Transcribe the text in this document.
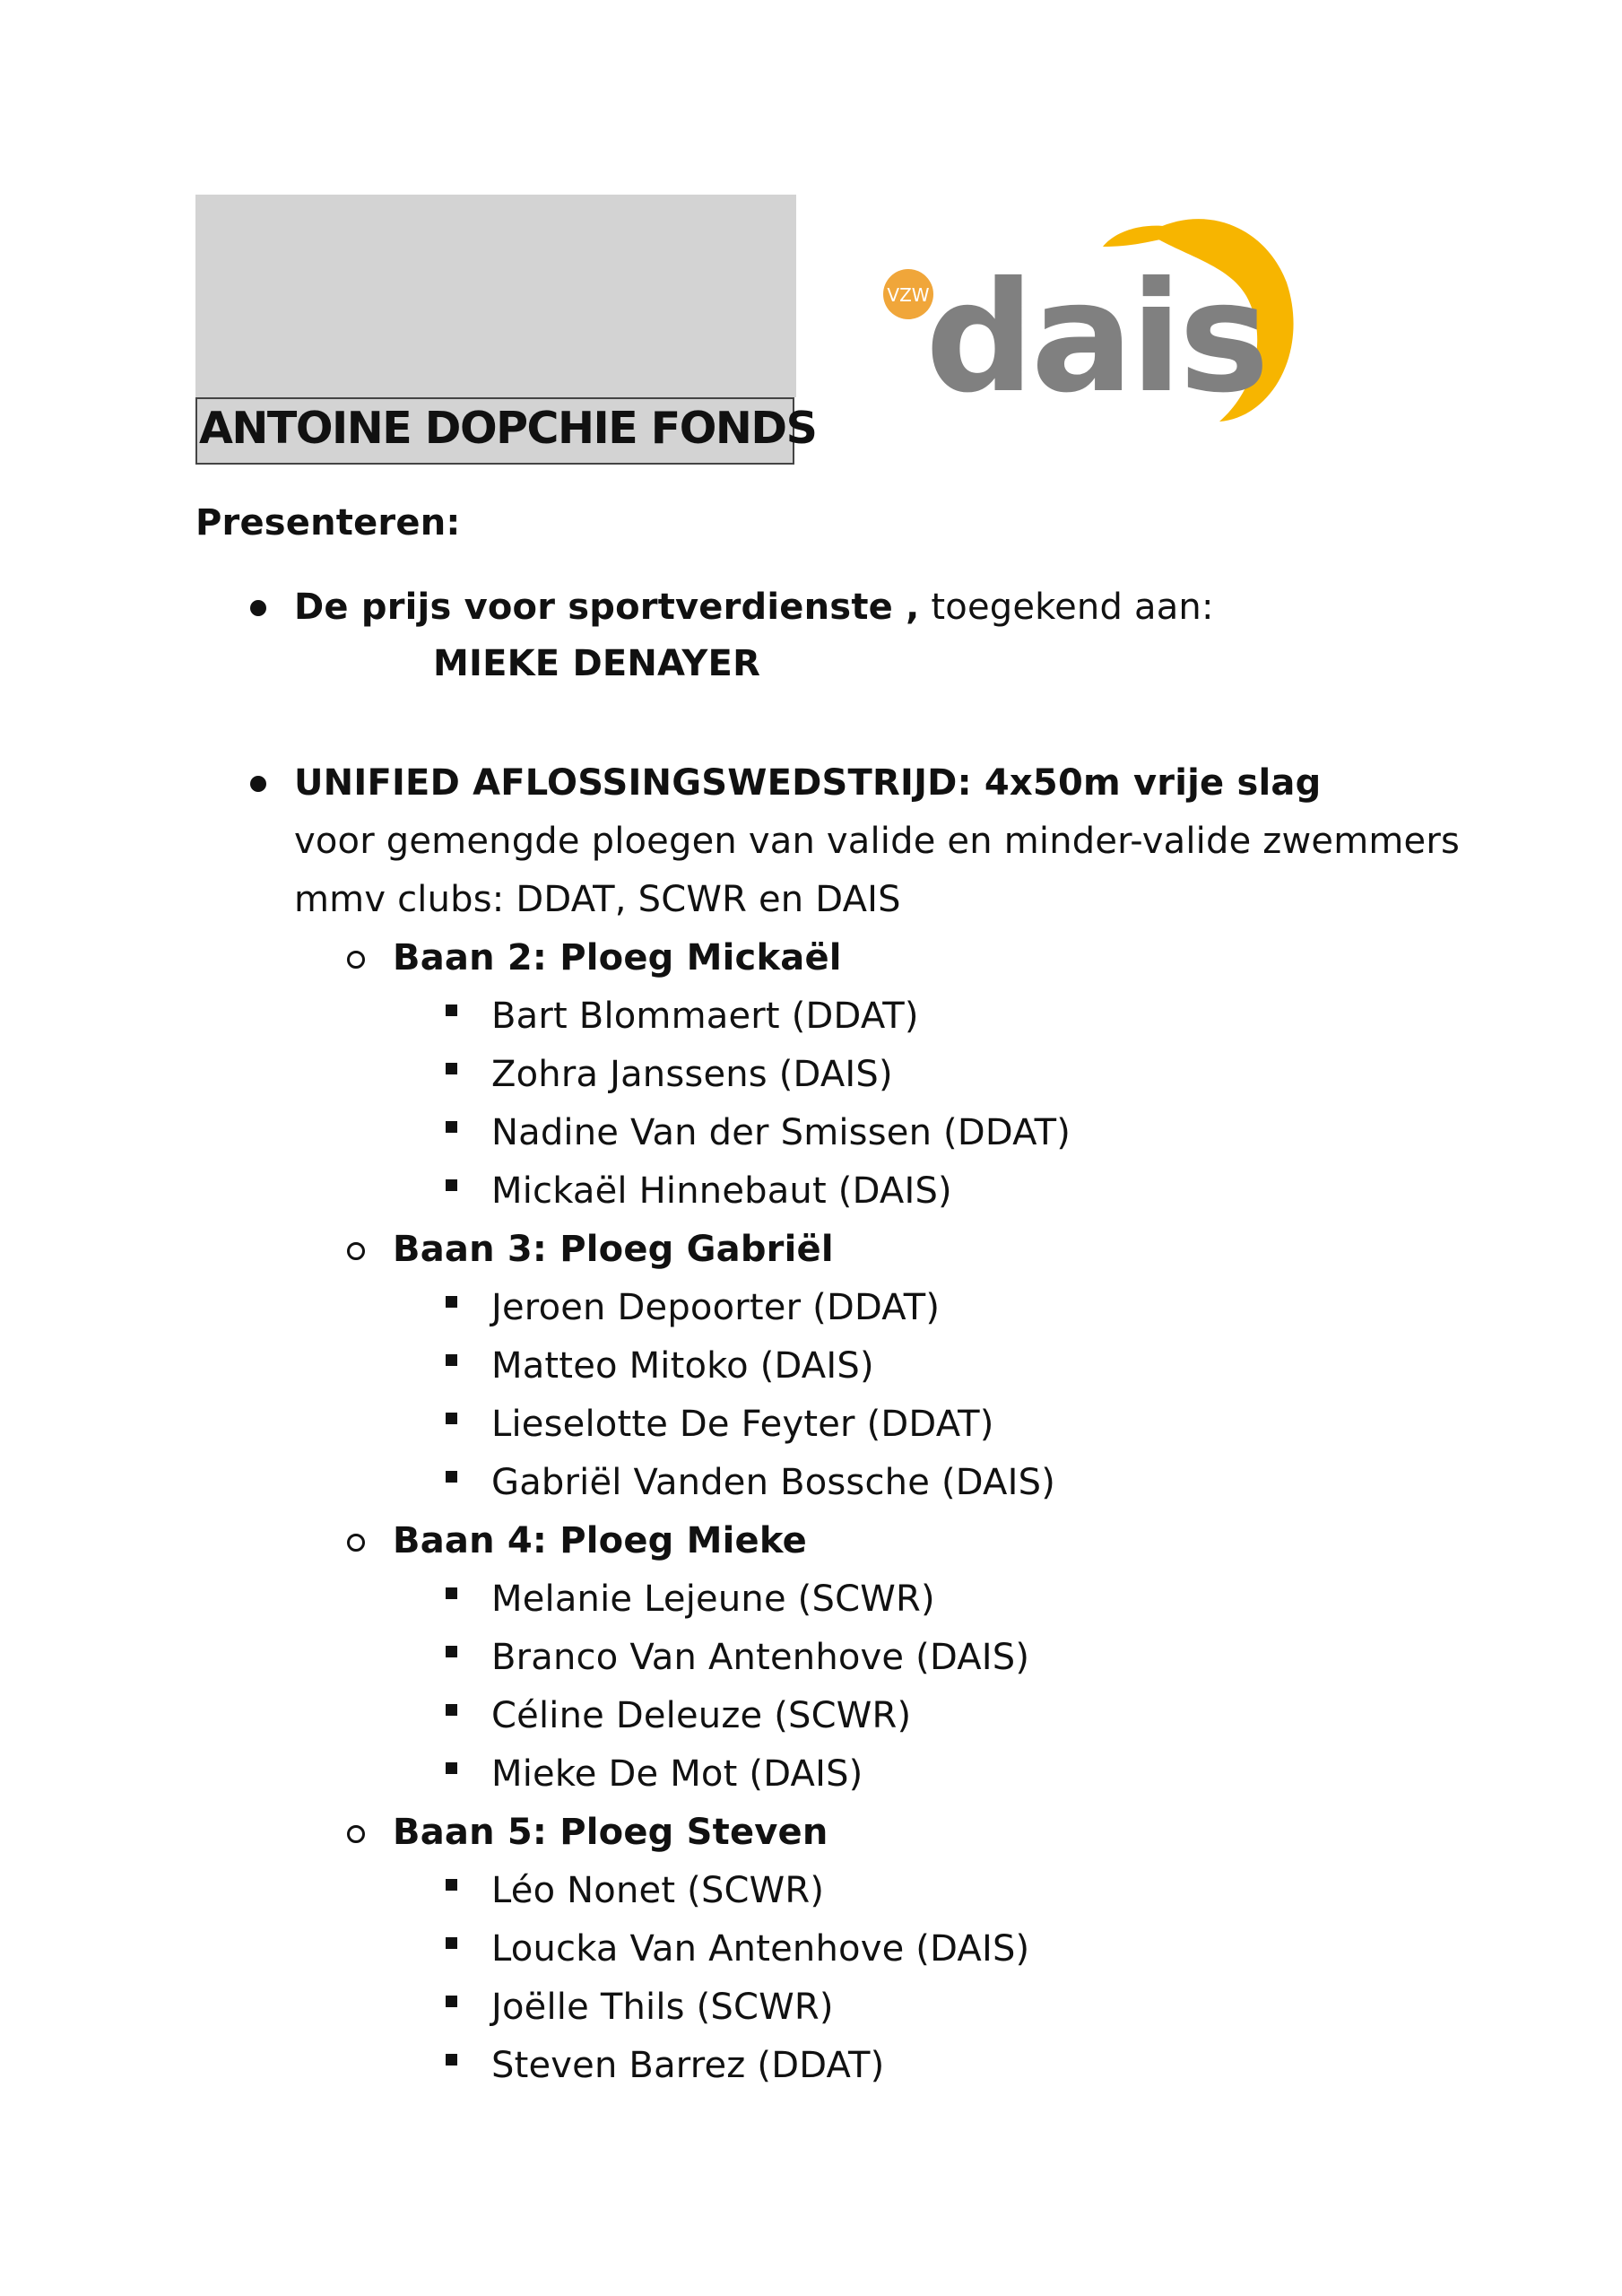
ANTOINE DOPCHIE FONDS
VZW
dais
Presenteren:
De prijs voor sportverdienste , toegekend aan:
MIEKE DENAYER
UNIFIED AFLOSSINGSWEDSTRIJD: 4x50m vrije slag
voor gemengde ploegen van valide en minder-valide zwemmers
mmv clubs: DDAT, SCWR en DAIS
Baan 2: Ploeg Mickaël
Bart Blommaert (DDAT)
Zohra Janssens (DAIS)
Nadine Van der Smissen (DDAT)
Mickaël Hinnebaut (DAIS)
Baan 3: Ploeg Gabriël
Jeroen Depoorter (DDAT)
Matteo Mitoko (DAIS)
Lieselotte De Feyter (DDAT)
Gabriël Vanden Bossche (DAIS)
Baan 4: Ploeg Mieke
Melanie Lejeune (SCWR)
Branco Van Antenhove (DAIS)
Céline Deleuze (SCWR)
Mieke De Mot (DAIS)
Baan 5: Ploeg Steven
Léo Nonet (SCWR)
Loucka Van Antenhove (DAIS)
Joëlle Thils (SCWR)
Steven Barrez (DDAT)
